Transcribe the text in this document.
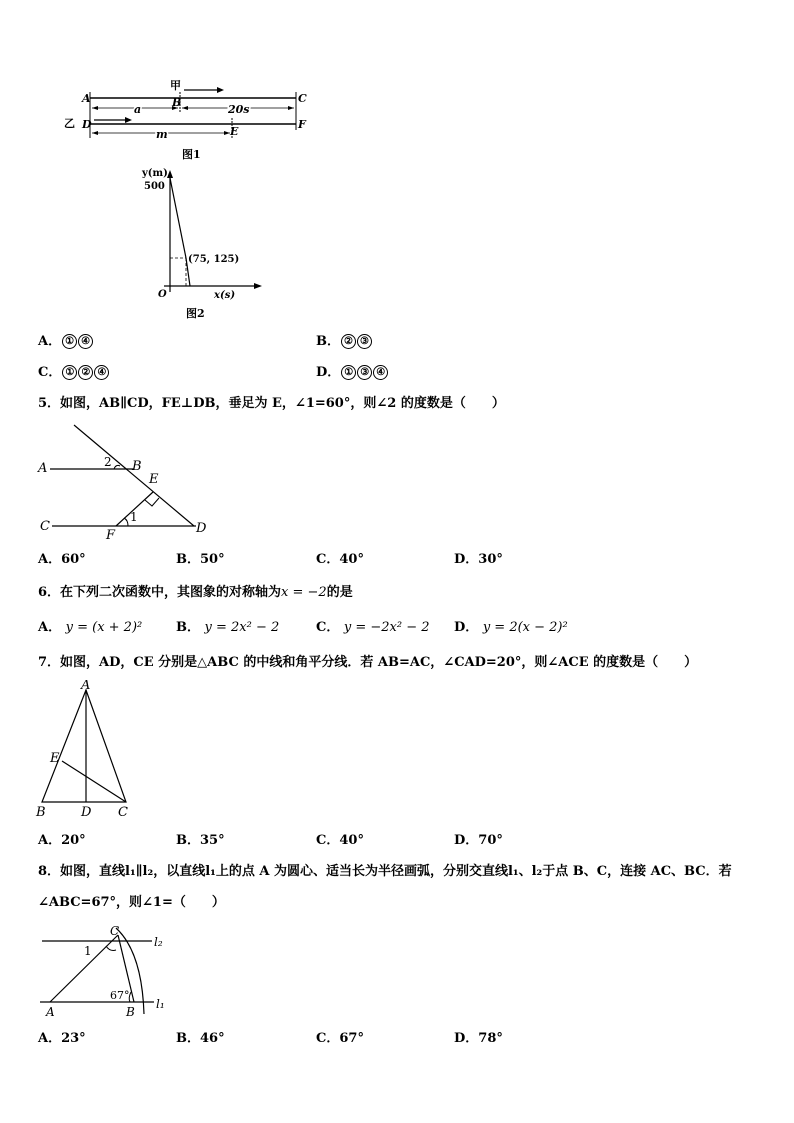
甲
乙
A	B	C
D
E
F
a	20s
m
图1
y(m)
500
(75, 125)
O	x(s)
图2
A． ① ④	B． ② ③
C． ① ② ④	D． ① ③ ④
5．如图，AB∥CD，FE⊥DB，垂足为 E，∠1=60°，则∠2 的度数是（　　）
A	2 B
E
1
C
F	D
A．60°	B．50°	C．40°	D．30°
6．在下列二次函数中，其图象的对称轴为x = −2的是
A． y = (x + 2)²	B． y = 2x² − 2	C． y = −2x² − 2 D． y = 2(x − 2)²
7．如图，AD，CE 分别是△ABC 的中线和角平分线．若 AB=AC，∠CAD=20°，则∠ACE 的度数是（　　）
A
E
B	D C
A．20°	B．35°	C．40°	D．70°
8．如图，直线l₁∥l₂，以直线l₁上的点 A 为圆心、适当长为半径画弧，分别交直线l₁、l₂于点 B、C，连接 AC、BC．若
∠ABC=67°，则∠1=（　　）
C
1
67°
l₂
l₁
A	B
A．23°	B．46°	C．67°	D．78°
